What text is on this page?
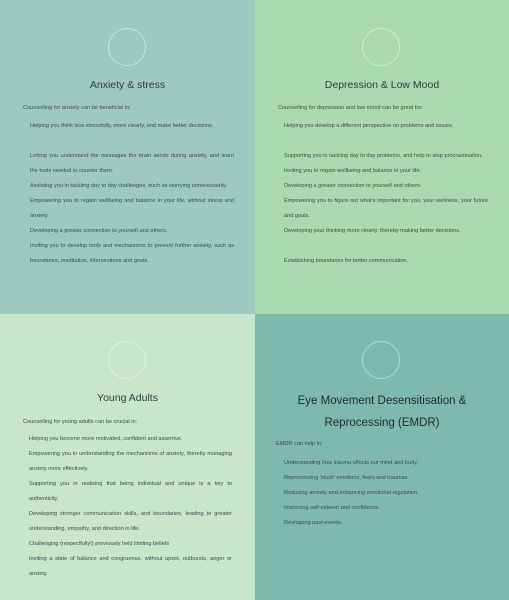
Anxiety & stress

Counselling for anxiety can be beneficial in:

Helping you think less stressfully, more clearly, and make better decisions.
Letting you understand the messages the brain sends during anxiety, and learn the tools needed to counter them.
Assisting you in tackling day to day challenges, such as worrying unnecessarily.
Empowering you to regain wellbeing and balance in your life, without stress and anxiety.
Developing a greater connection to yourself and others.
Inviting you to develop tools and mechanisms to prevent further anxiety, such as boundaries, meditation, interventions and goals.
Depression & Low Mood

Counselling for depression and low mood can be great for:

Helping you develop a different perspective on problems and issues.
Supporting you in tackling day to day problems, and help to stop procrastination.
Inviting you to regain wellbeing and balance in your life.
Developing a greater connection to yourself and others.
Empowering you to figure out what's important for you, your wellness, your future and goals.
Developing your thinking more clearly, thereby making better decisions.
Establishing boundaries for better communication.
Young Adults

Counselling for young adults can be crucial in:

Helping you become more motivated, confident and assertive.
Empowering you in understanding the mechanisms of anxiety, thereby managing anxiety more effectively.
Supporting you in realising that being individual and unique is a key to authenticity.
Developing stronger communication skills, and boundaries, leading to greater understanding, empathy, and direction in life.
Challenging (respectfully!) previously held limiting beliefs
Inviting a state of balance and congruence, without upset, outbursts, anger or anxiety.
Eye Movement Desensitisation & Reprocessing (EMDR)

EMDR can help in:

Understanding how trauma affects our mind and body.
Reprocessing 'stuck' emotions, fears and traumas.
Reducing anxiety and enhancing emotional regulation.
Improving self-esteem and confidence.
Reshaping past events.
